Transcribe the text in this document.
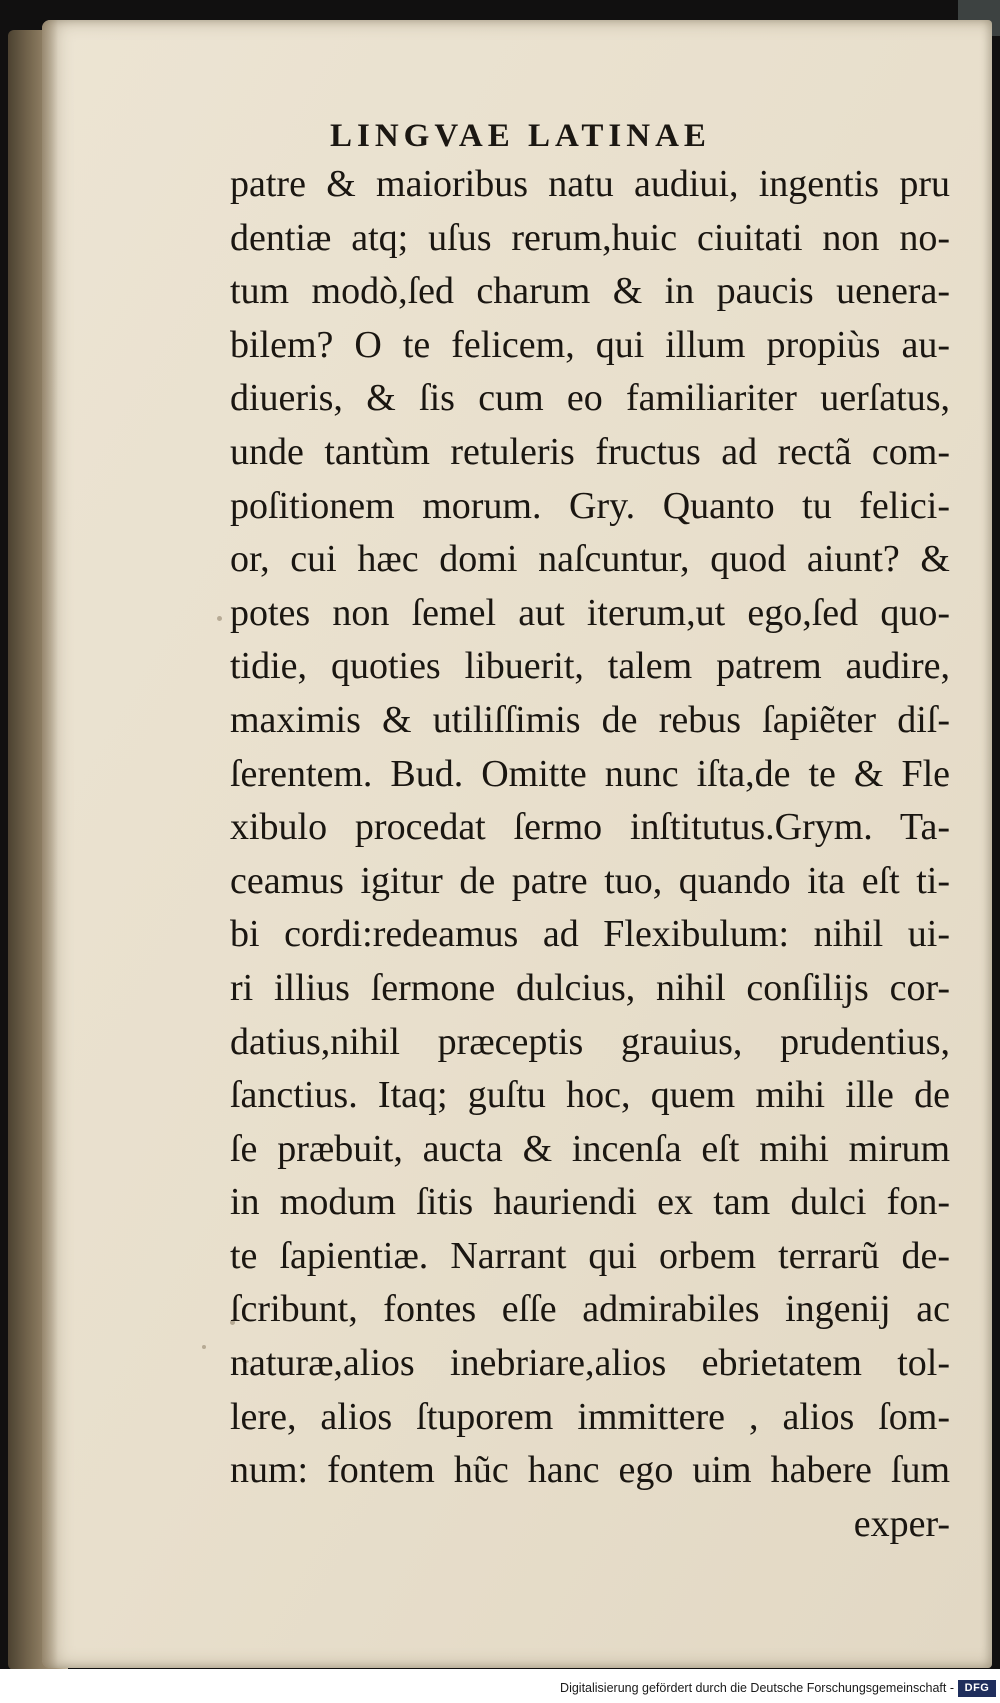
LINGVAE LATINAE
patre & maioribus natu audiui, ingentis pru
dentiæ atq; uſus rerum,huic ciuitati non no-
tum modò,ſed charum & in paucis uenera-
bilem? O te felicem, qui illum propiùs au-
diueris, & ſis cum eo familiariter uerſatus,
unde tantùm retuleris fructus ad rectã com-
poſitionem morum. Gry. Quanto tu felici-
or, cui hæc domi naſcuntur, quod aiunt? &
potes non ſemel aut iterum,ut ego,ſed quo-
tidie, quoties libuerit, talem patrem audire,
maximis & utiliſſimis de rebus ſapiẽter diſ-
ſerentem. Bud. Omitte nunc iſta,de te & Fle
xibulo procedat ſermo inſtitutus.Grym. Ta-
ceamus igitur de patre tuo, quando ita eſt ti-
bi cordi:redeamus ad Flexibulum: nihil ui-
ri illius ſermone dulcius, nihil conſilijs cor-
datius,nihil præceptis grauius, prudentius,
ſanctius. Itaq; guſtu hoc, quem mihi ille de
ſe præbuit, aucta & incenſa eſt mihi mirum
in modum ſitis hauriendi ex tam dulci fon-
te ſapientiæ. Narrant qui orbem terrarũ de-
ſcribunt, fontes eſſe admirabiles ingenij ac
naturæ,alios inebriare,alios ebrietatem tol-
lere, alios ſtuporem immittere , alios ſom-
num: fontem hũc hanc ego uim habere ſum
exper-
Digitalisierung gefördert durch die Deutsche Forschungsgemeinschaft - DFG
